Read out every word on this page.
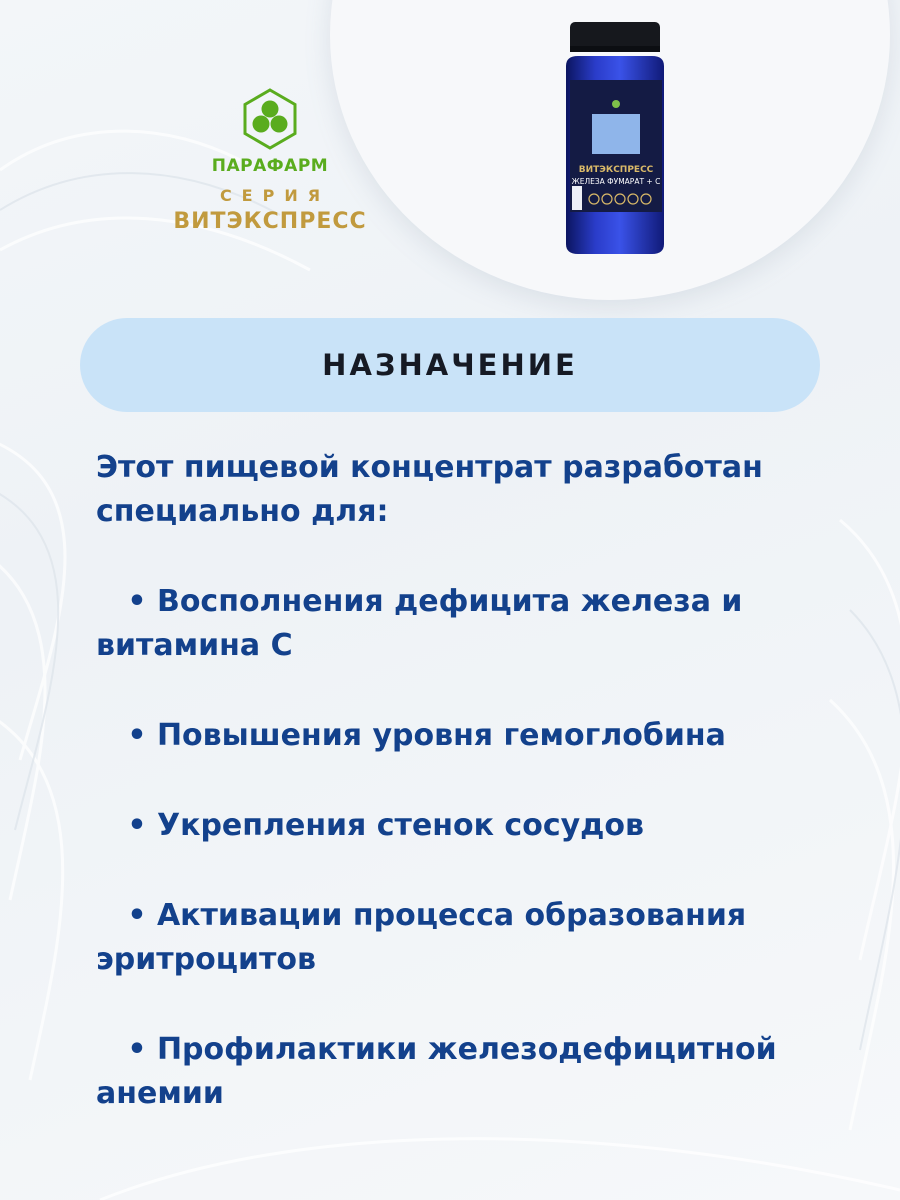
ПАРАФАРМ
СЕРИЯ
ВИТЭКСПРЕСС
ВИТЭКСПРЕСС
ЖЕЛЕЗА ФУМАРАТ + С
НАЗНАЧЕНИЕ

Этот пищевой концентрат разработан специально для:

• Восполнения дефицита железа и витамина С
• Повышения уровня гемоглобина
• Укрепления стенок сосудов
• Активации процесса образования эритроцитов
• Профилактики железодефицитной анемии
